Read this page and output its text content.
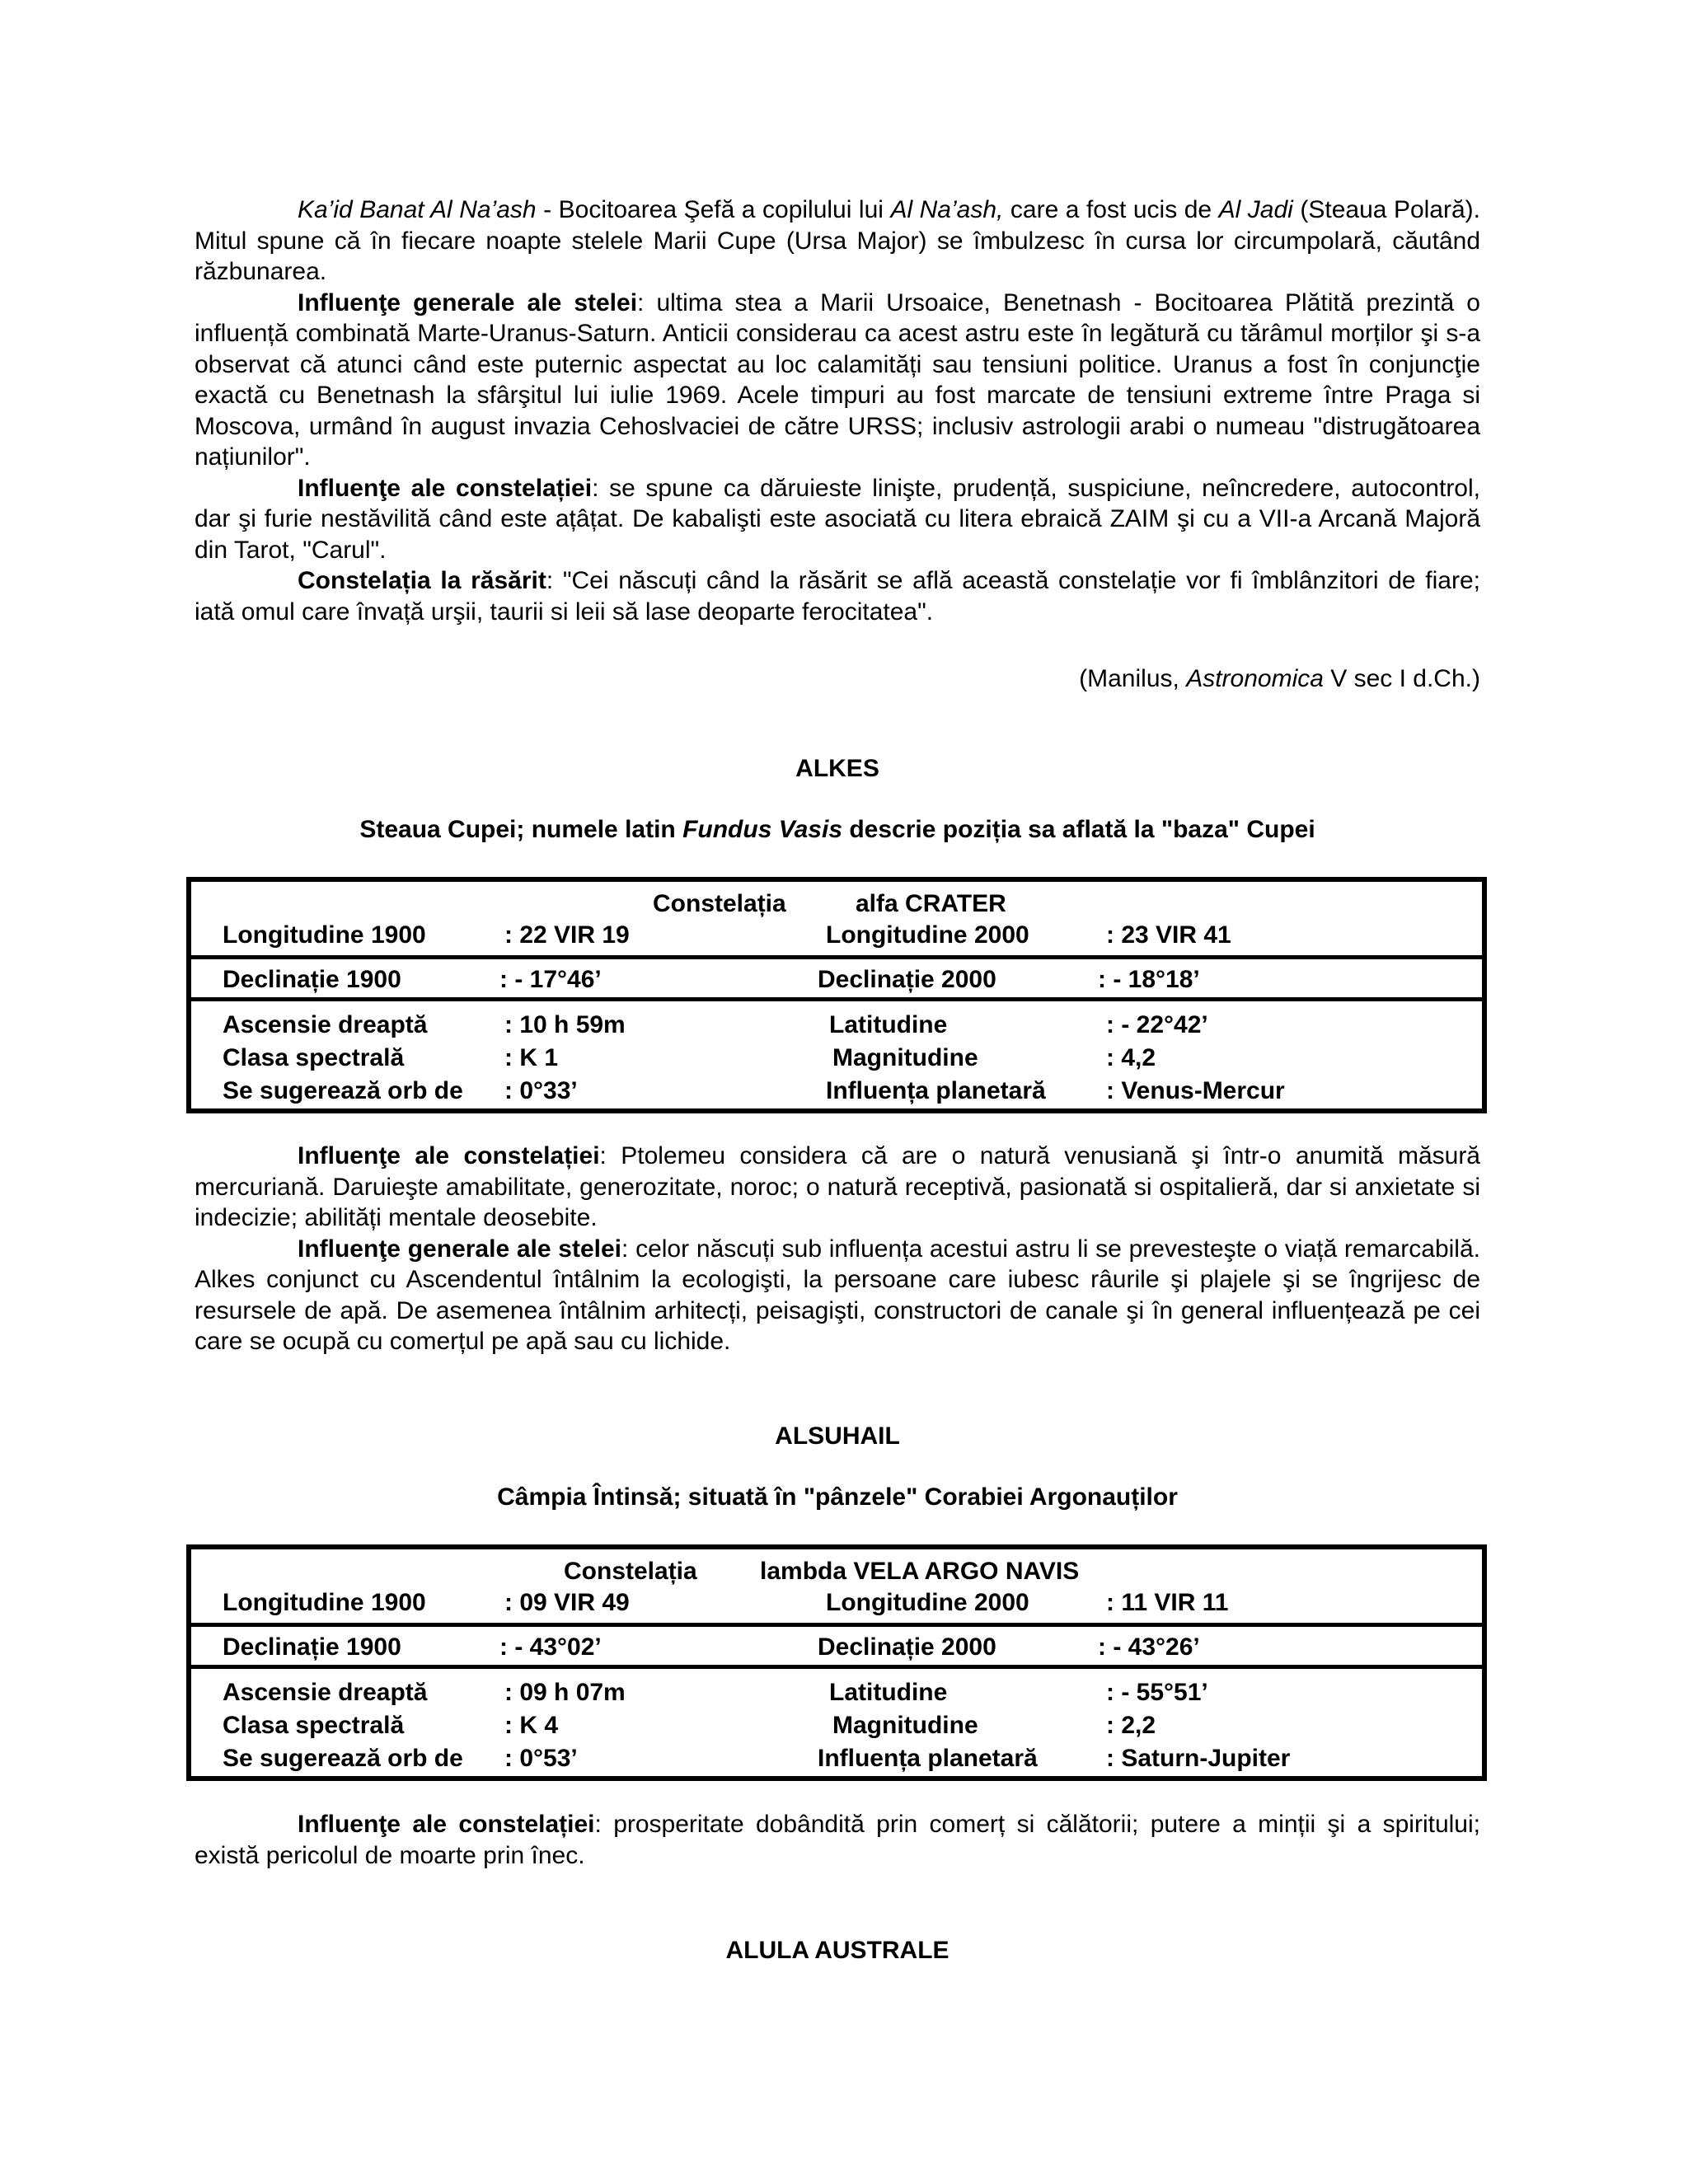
Ka’id Banat Al Na’ash - Bocitoarea Şefă a copilului lui Al Na’ash, care a fost ucis de Al Jadi (Steaua Polară). Mitul spune că în fiecare noapte stelele Marii Cupe (Ursa Major) se îmbulzesc în cursa lor circumpolară, căutând răzbunarea.

Influenţe generale ale stelei: ultima stea a Marii Ursoaice, Benetnash - Bocitoarea Plătită prezintă o influență combinată Marte-Uranus-Saturn. Anticii considerau ca acest astru este în legătură cu tărâmul morților şi s-a observat că atunci când este puternic aspectat au loc calamități sau tensiuni politice. Uranus a fost în conjuncţie exactă cu Benetnash la sfârşitul lui iulie 1969. Acele timpuri au fost marcate de tensiuni extreme între Praga si Moscova, urmând în august invazia Cehoslvaciei de către URSS; inclusiv astrologii arabi o numeau "distrugătoarea națiunilor".

Influenţe ale constelației: se spune ca dăruieste linişte, prudență, suspiciune, neîncredere, autocontrol, dar şi furie nestăvilită când este ațâțat. De kabalişti este asociată cu litera ebraică ZAIM şi cu a VII-a Arcană Majoră din Tarot, "Carul".

Constelația la răsărit: "Cei născuți când la răsărit se află această constelație vor fi îmblânzitori de fiare; iată omul care învață urşii, taurii si leii să lase deoparte ferocitatea".

(Manilus, Astronomica V sec I d.Ch.)
ALKES
Steaua Cupei; numele latin Fundus Vasis descrie poziția sa aflată la "baza" Cupei
Constelația	alfa CRATER
Longitudine 1900	: 22 VIR 19	Longitudine 2000	: 23 VIR 41
Declinație 1900	: - 17°46’	Declinație 2000	: - 18°18’
Ascensie dreaptă	: 10 h 59m	Latitudine	: - 22°42’
Clasa spectrală	: K 1	Magnitudine	: 4,2
Se sugerează orb de : 0°33’	Influența planetară : Venus-Mercur

Influenţe ale constelației: Ptolemeu considera că are o natură venusiană şi într-o anumită măsură mercuriană. Daruieşte amabilitate, generozitate, noroc; o natură receptivă, pasionată si ospitalieră, dar si anxietate si indecizie; abilități mentale deosebite.

Influenţe generale ale stelei: celor născuți sub influența acestui astru li se prevesteşte o viață remarcabilă. Alkes conjunct cu Ascendentul întâlnim la ecologişti, la persoane care iubesc râurile şi plajele şi se îngrijesc de resursele de apă. De asemenea întâlnim arhitecți, peisagişti, constructori de canale şi în general influențează pe cei care se ocupă cu comerțul pe apă sau cu lichide.

ALSUHAIL
Câmpia Întinsă; situată în "pânzele" Corabiei Argonauților
Constelația	lambda VELA ARGO NAVIS
Longitudine 1900	: 09 VIR 49	Longitudine 2000	: 11 VIR 11
Declinație 1900	: - 43°02’	Declinație 2000	: - 43°26’
Ascensie dreaptă	: 09 h 07m	Latitudine	: - 55°51’
Clasa spectrală	: K 4	Magnitudine	: 2,2
Se sugerează orb de : 0°53’	Influența planetară	: Saturn-Jupiter

Influenţe ale constelației: prosperitate dobândită prin comerț si călătorii; putere a minții şi a spiritului; există pericolul de moarte prin înec.

ALULA AUSTRALE
